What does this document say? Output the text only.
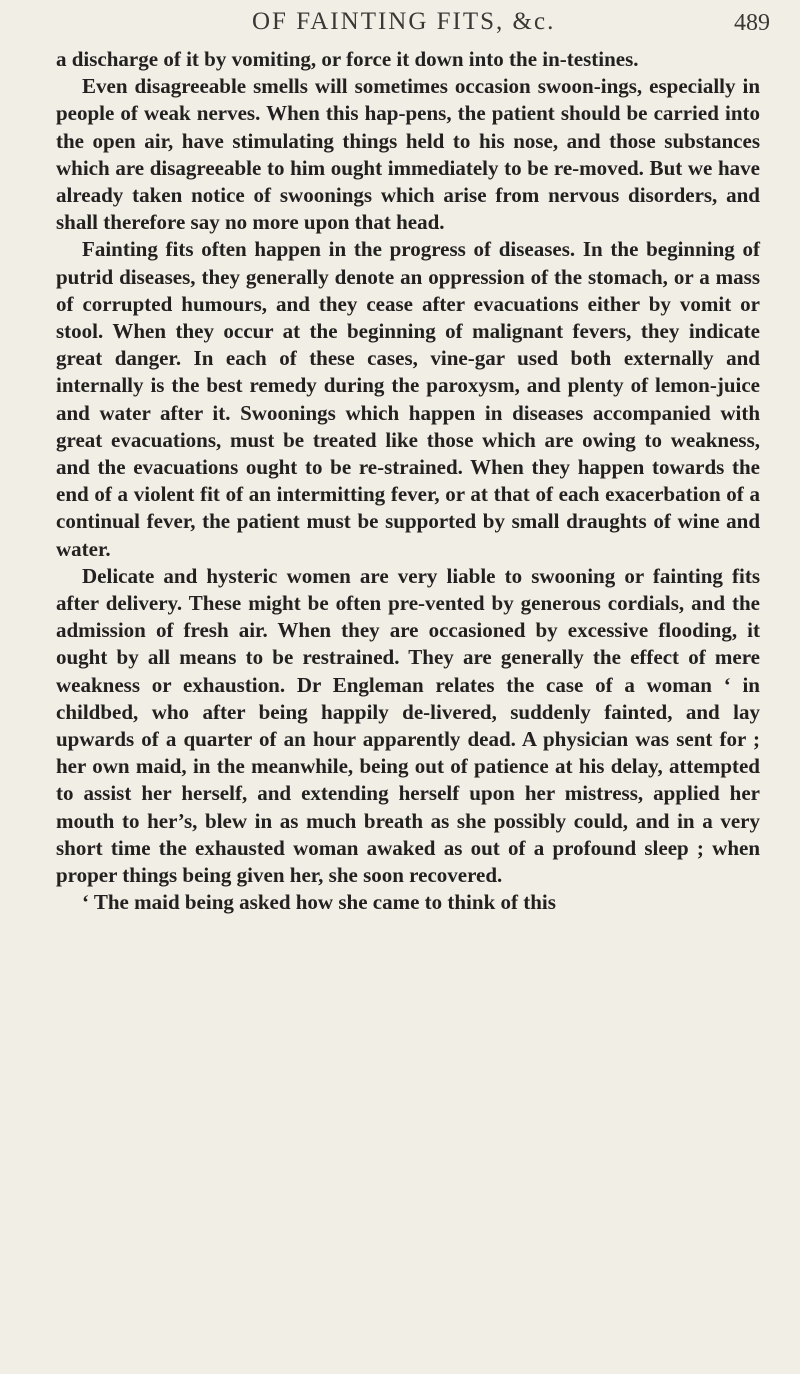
OF FAINTING FITS, &c.	489

a discharge of it by vomiting, or force it down into the in-testines.

Even disagreeable smells will sometimes occasion swoon-ings, especially in people of weak nerves. When this hap-pens, the patient should be carried into the open air, have stimulating things held to his nose, and those substances which are disagreeable to him ought immediately to be re-moved. But we have already taken notice of swoonings which arise from nervous disorders, and shall therefore say no more upon that head.

Fainting fits often happen in the progress of diseases. In the beginning of putrid diseases, they generally denote an oppression of the stomach, or a mass of corrupted humours, and they cease after evacuations either by vomit or stool. When they occur at the beginning of malignant fevers, they indicate great danger. In each of these cases, vine-gar used both externally and internally is the best remedy during the paroxysm, and plenty of lemon-juice and water after it. Swoonings which happen in diseases accompanied with great evacuations, must be treated like those which are owing to weakness, and the evacuations ought to be re-strained. When they happen towards the end of a violent fit of an intermitting fever, or at that of each exacerbation of a continual fever, the patient must be supported by small draughts of wine and water.

Delicate and hysteric women are very liable to swooning or fainting fits after delivery. These might be often pre-vented by generous cordials, and the admission of fresh air. When they are occasioned by excessive flooding, it ought by all means to be restrained. They are generally the effect of mere weakness or exhaustion. Dr Engleman relates the case of a woman ‘ in childbed, who after being happily de-livered, suddenly fainted, and lay upwards of a quarter of an hour apparently dead. A physician was sent for ; her own maid, in the meanwhile, being out of patience at his delay, attempted to assist her herself, and extending herself upon her mistress, applied her mouth to her’s, blew in as much breath as she possibly could, and in a very short time the exhausted woman awaked as out of a profound sleep ; when proper things being given her, she soon recovered.

‘ The maid being asked how she came to think of this
